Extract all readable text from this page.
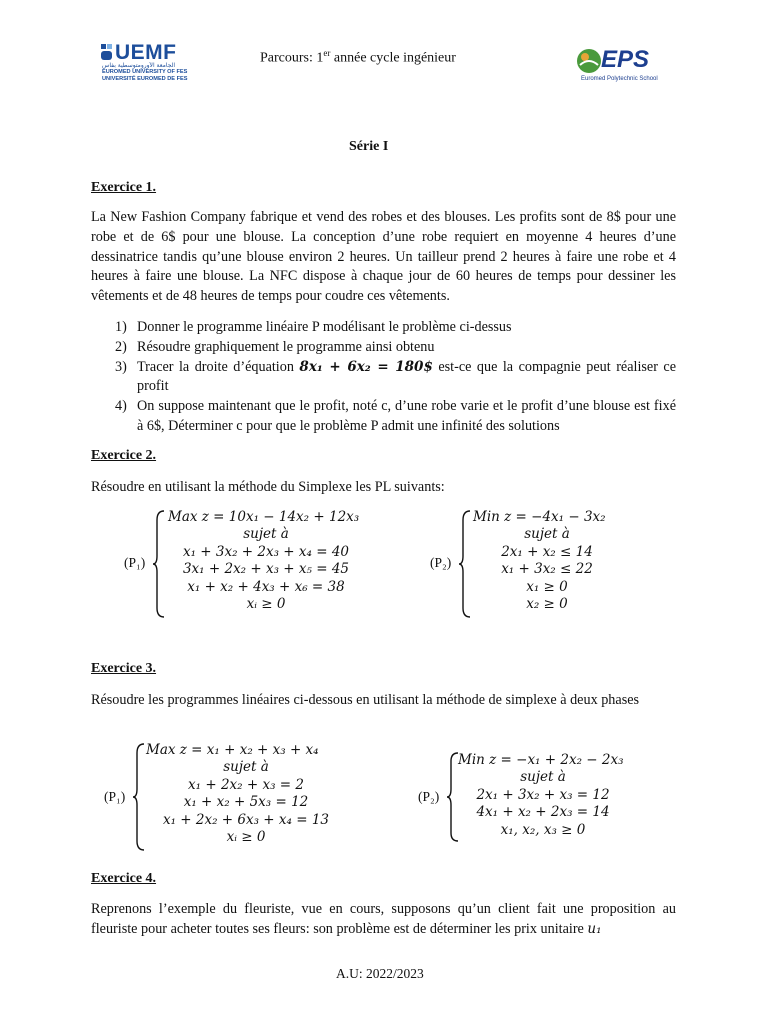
UEMF
الجامعة الأورومتوسطية بفاس
EUROMED UNIVERSITY OF FES
UNIVERSITÉ EUROMED DE FES
Parcours: 1er année cycle ingénieur	EPS
Euromed Polytechnic School
Série I
Exercice 1.
La New Fashion Company fabrique et vend des robes et des blouses. Les profits sont de 8$ pour une robe et de 6$ pour une blouse. La conception d’une robe requiert en moyenne 4 heures d’une dessinatrice tandis qu’une blouse environ 2 heures. Un tailleur prend 2 heures à faire une robe et 4 heures à faire une blouse. La NFC dispose à chaque jour de 60 heures de temps pour dessiner les vêtements et de 48 heures de temps pour coudre ces vêtements.
1) Donner le programme linéaire P modélisant le problème ci-dessus
2) Résoudre graphiquement le programme ainsi obtenu
3) Tracer la droite d’équation 8x₁ + 6x₂ = 180$ est-ce que la compagnie peut réaliser ce profit
4) On suppose maintenant que le profit, noté c, d’une robe varie et le profit d’une blouse est fixé à 6$, Déterminer c pour que le problème P admit une infinité des solutions
Exercice 2.
Résoudre en utilisant la méthode du Simplexe les PL suivants:
(P₁)
Max z = 10x₁ − 14x₂ + 12x₃
sujet à
x₁ + 3x₂ + 2x₃ + x₄ = 40
3x₁ + 2x₂ + x₃ + x₅ = 45
x₁ + x₂ + 4x₃ + x₆ = 38
xᵢ ≥ 0
(P₂)
Min z = −4x₁ − 3x₂
sujet à
2x₁ + x₂ ≤ 14
x₁ + 3x₂ ≤ 22
x₁ ≥ 0
x₂ ≥ 0
Exercice 3.
Résoudre les programmes linéaires ci-dessous en utilisant la méthode de simplexe à deux phases
(P₁)
Max z = x₁ + x₂ + x₃ + x₄
sujet à
x₁ + 2x₂ + x₃ = 2
x₁ + x₂ + 5x₃ = 12
x₁ + 2x₂ + 6x₃ + x₄ = 13
xᵢ ≥ 0
(P₂)
Min z = −x₁ + 2x₂ − 2x₃
sujet à
2x₁ + 3x₂ + x₃ = 12
4x₁ + x₂ + 2x₃ = 14
x₁, x₂, x₃ ≥ 0
Exercice 4.
Reprenons l’exemple du fleuriste, vue en cours, supposons qu’un client fait une proposition au fleuriste pour acheter toutes ses fleurs: son problème est de déterminer les prix unitaire u₁
A.U: 2022/2023
